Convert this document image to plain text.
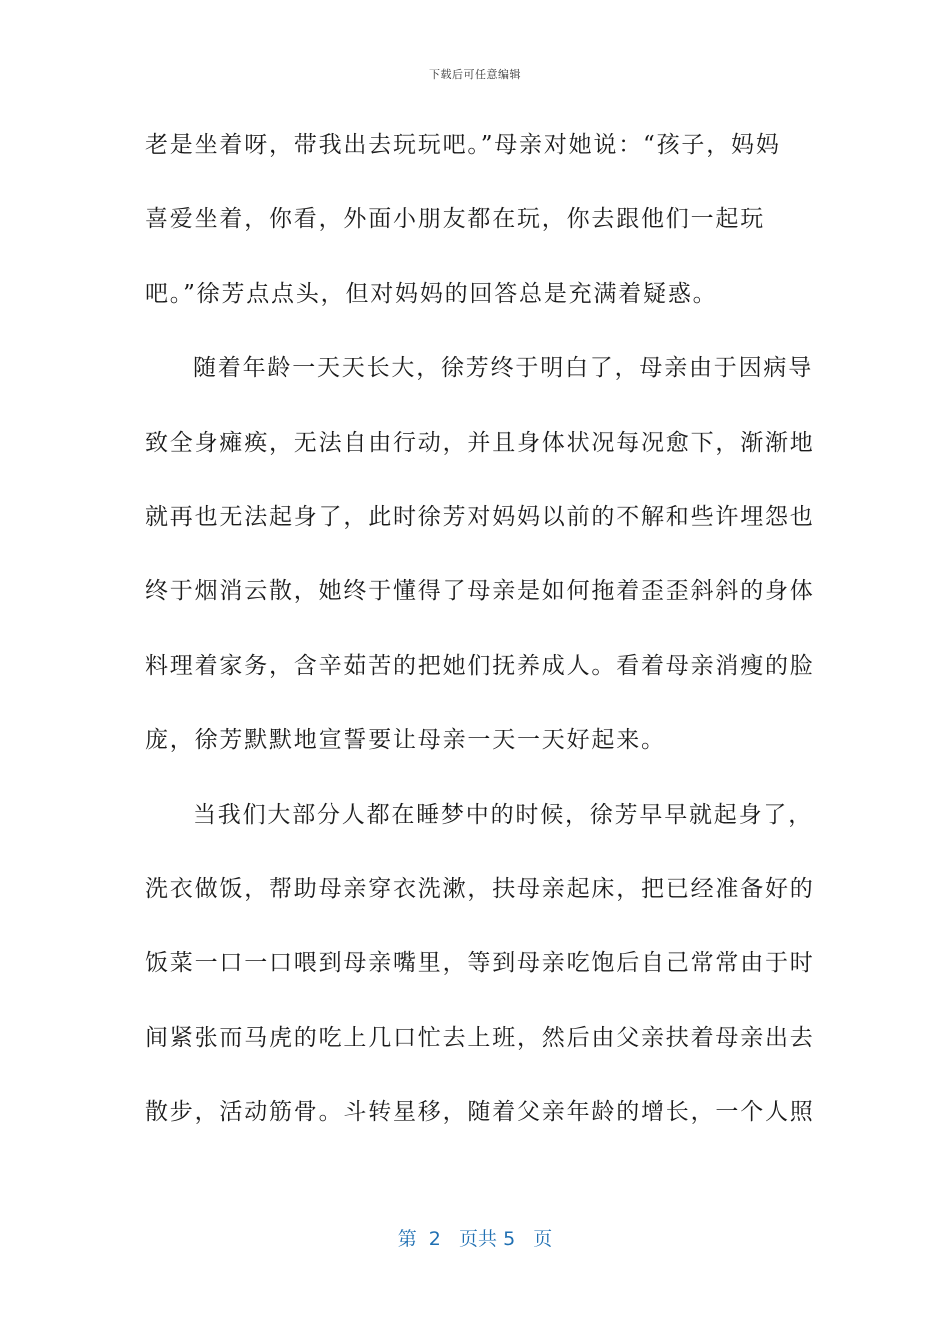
下载后可任意编辑
老是坐着呀，带我出去玩玩吧。”母亲对她说：“孩子，妈妈
喜爱坐着，你看，外面小朋友都在玩，你去跟他们一起玩
吧。”徐芳点点头，但对妈妈的回答总是充满着疑惑。
随着年龄一天天长大，徐芳终于明白了，母亲由于因病导
致全身瘫痪，无法自由行动，并且身体状况每况愈下，渐渐地
就再也无法起身了，此时徐芳对妈妈以前的不解和些许埋怨也
终于烟消云散，她终于懂得了母亲是如何拖着歪歪斜斜的身体
料理着家务，含辛茹苦的把她们抚养成人。看着母亲消瘦的脸
庞，徐芳默默地宣誓要让母亲一天一天好起来。
当我们大部分人都在睡梦中的时候，徐芳早早就起身了，
洗衣做饭，帮助母亲穿衣洗漱，扶母亲起床，把已经准备好的
饭菜一口一口喂到母亲嘴里，等到母亲吃饱后自己常常由于时
间紧张而马虎的吃上几口忙去上班，然后由父亲扶着母亲出去
散步，活动筋骨。斗转星移，随着父亲年龄的增长，一个人照
第 2 页共 5 页
